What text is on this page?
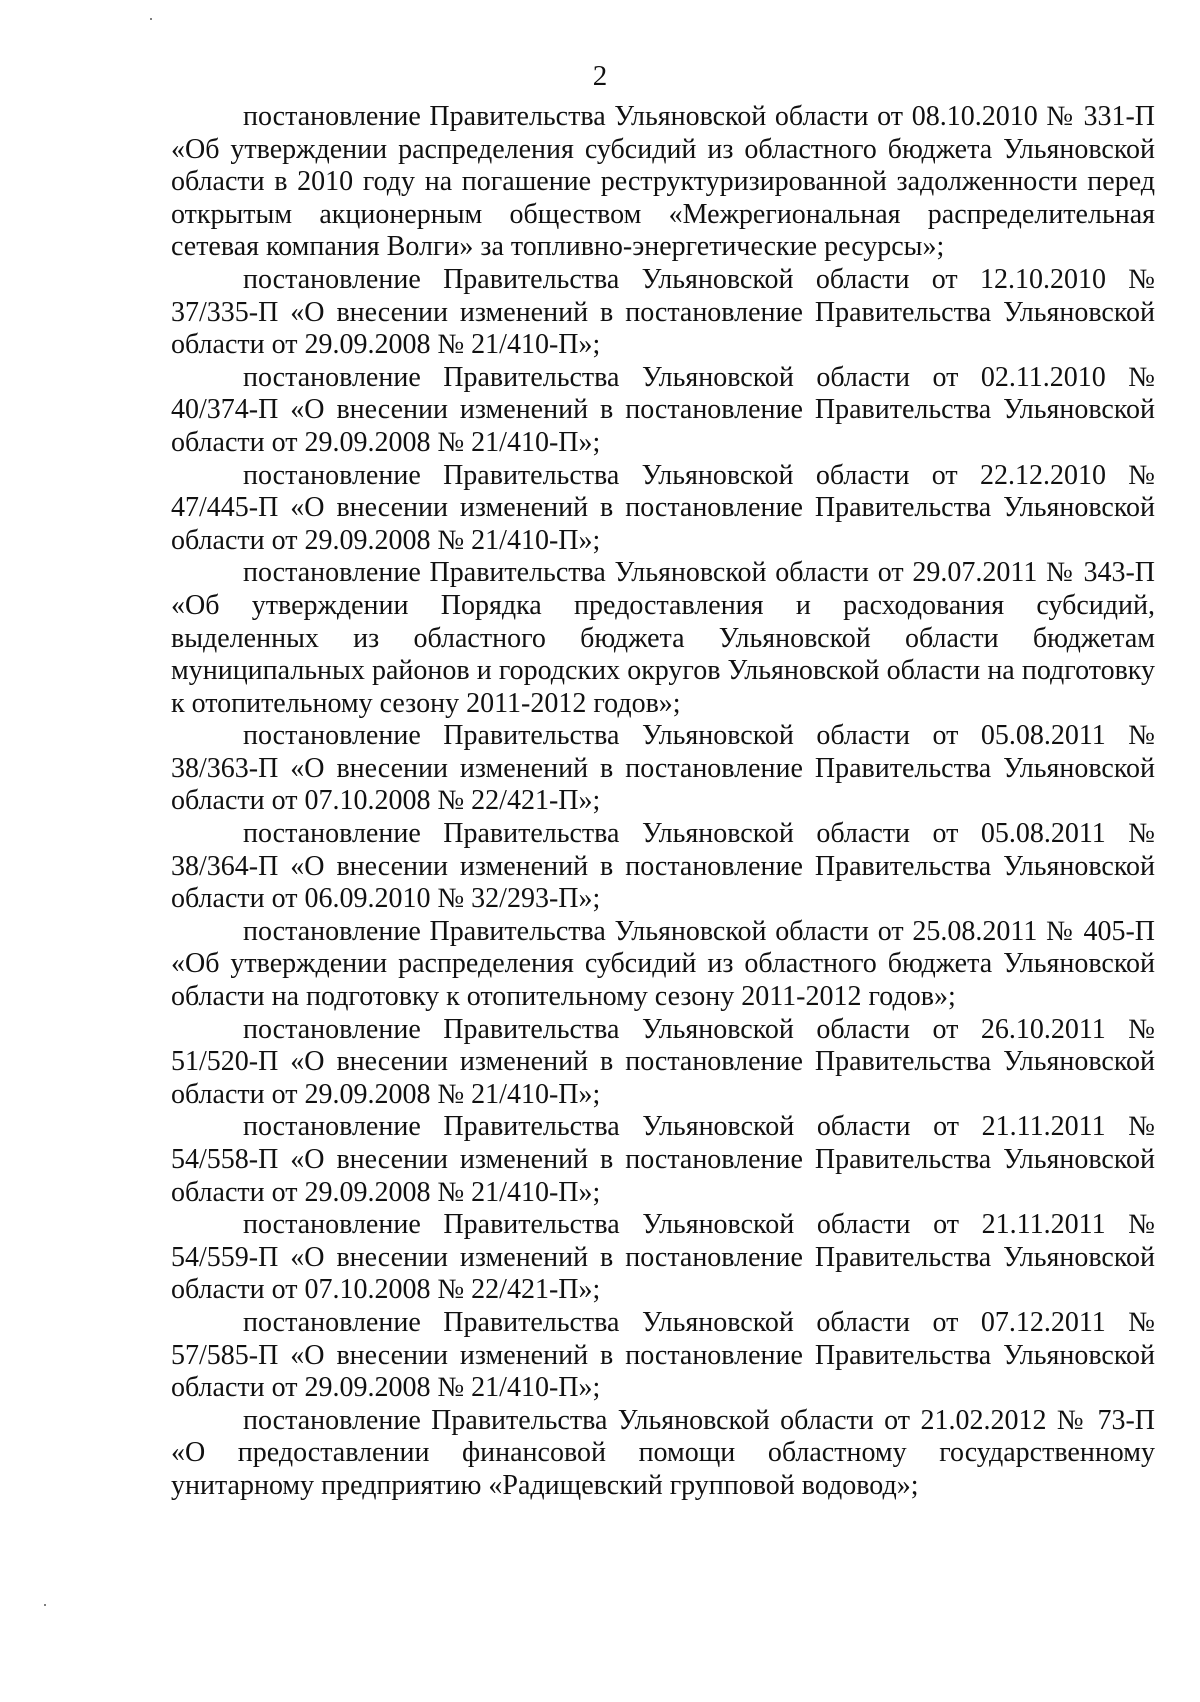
2

постановление Правительства Ульяновской области от 08.10.2010 № 331-П «Об утверждении распределения субсидий из областного бюджета Ульяновской области в 2010 году на погашение реструктуризированной задолженности перед открытым акционерным обществом «Межрегиональная распределительная сетевая компания Волги» за топливно-энергетические ресурсы»;

постановление Правительства Ульяновской области от 12.10.2010 № 37/335-П «О внесении изменений в постановление Правительства Ульяновской области от 29.09.2008 № 21/410-П»;

постановление Правительства Ульяновской области от 02.11.2010 № 40/374-П «О внесении изменений в постановление Правительства Ульяновской области от 29.09.2008 № 21/410-П»;

постановление Правительства Ульяновской области от 22.12.2010 № 47/445-П «О внесении изменений в постановление Правительства Ульяновской области от 29.09.2008 № 21/410-П»;

постановление Правительства Ульяновской области от 29.07.2011 № 343-П «Об утверждении Порядка предоставления и расходования субсидий, выделенных из областного бюджета Ульяновской области бюджетам муниципальных районов и городских округов Ульяновской области на подготовку к отопительному сезону 2011-2012 годов»;

постановление Правительства Ульяновской области от 05.08.2011 № 38/363-П «О внесении изменений в постановление Правительства Ульяновской области от 07.10.2008 № 22/421-П»;

постановление Правительства Ульяновской области от 05.08.2011 № 38/364-П «О внесении изменений в постановление Правительства Ульяновской области от 06.09.2010 № 32/293-П»;

постановление Правительства Ульяновской области от 25.08.2011 № 405-П «Об утверждении распределения субсидий из областного бюджета Ульяновской области на подготовку к отопительному сезону 2011-2012 годов»;

постановление Правительства Ульяновской области от 26.10.2011 № 51/520-П «О внесении изменений в постановление Правительства Ульяновской области от 29.09.2008 № 21/410-П»;

постановление Правительства Ульяновской области от 21.11.2011 № 54/558-П «О внесении изменений в постановление Правительства Ульяновской области от 29.09.2008 № 21/410-П»;

постановление Правительства Ульяновской области от 21.11.2011 № 54/559-П «О внесении изменений в постановление Правительства Ульяновской области от 07.10.2008 № 22/421-П»;

постановление Правительства Ульяновской области от 07.12.2011 № 57/585-П «О внесении изменений в постановление Правительства Ульяновской области от 29.09.2008 № 21/410-П»;

постановление Правительства Ульяновской области от 21.02.2012 № 73-П «О предоставлении финансовой помощи областному государственному унитарному предприятию «Радищевский групповой водовод»;
